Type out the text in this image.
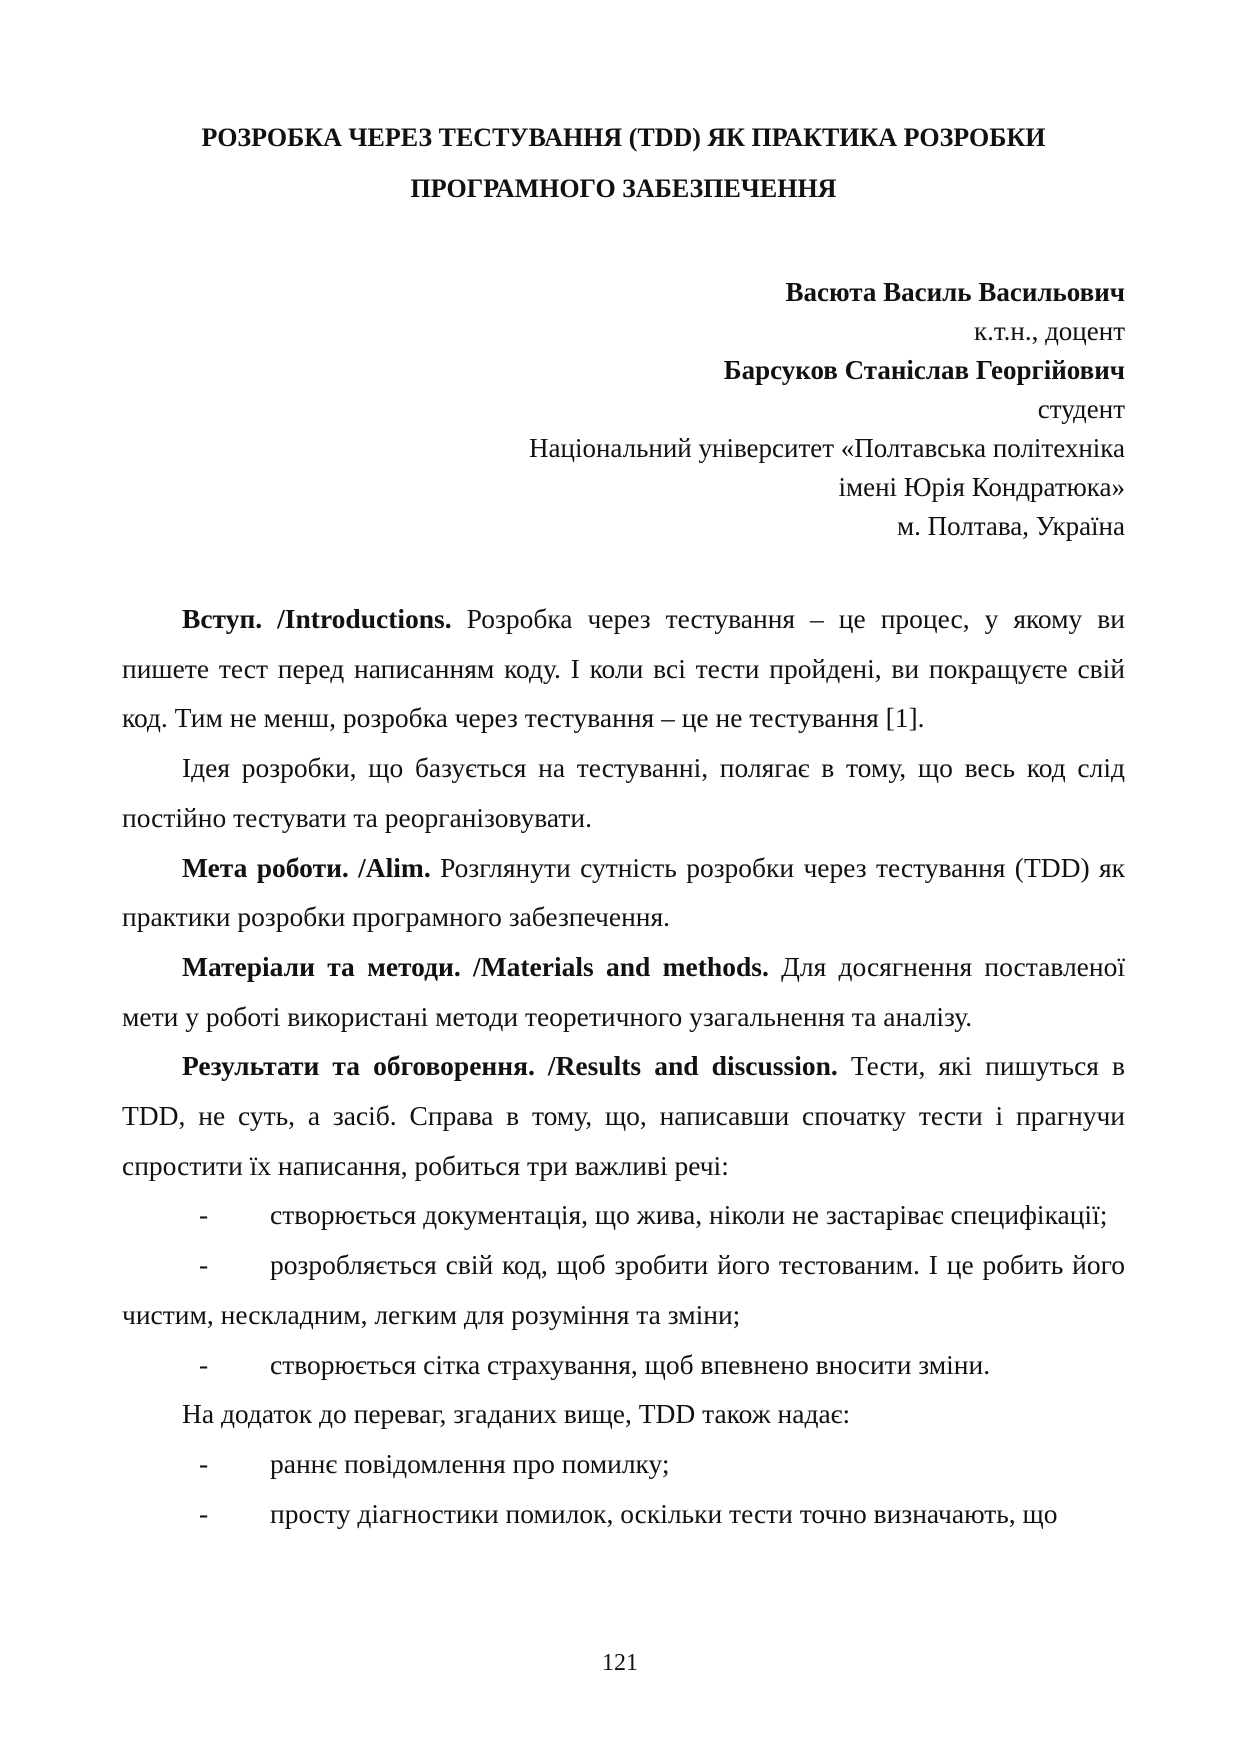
РОЗРОБКА ЧЕРЕЗ ТЕСТУВАННЯ (TDD) ЯК ПРАКТИКА РОЗРОБКИ
ПРОГРАМНОГО ЗАБЕЗПЕЧЕННЯ
Васюта Василь Васильович
к.т.н., доцент
Барсуков Станіслав Георгійович
студент
Національний університет «Полтавська політехніка
імені Юрія Кондратюка»
м. Полтава, Україна

Вступ. /Introductions. Розробка через тестування – це процес, у якому ви пишете тест перед написанням коду. І коли всі тести пройдені, ви покращуєте свій код. Тим не менш, розробка через тестування – це не тестування [1].

Ідея розробки, що базується на тестуванні, полягає в тому, що весь код слід постійно тестувати та реорганізовувати.

Мета роботи. /Alim. Розглянути сутність розробки через тестування (TDD) як практики розробки програмного забезпечення.

Матеріали та методи. /Materials and methods. Для досягнення поставленої мети у роботі використані методи теоретичного узагальнення та аналізу.

Результати та обговорення. /Results and discussion. Тести, які пишуться в TDD, не суть, а засіб. Справа в тому, що, написавши спочатку тести і прагнучи спростити їх написання, робиться три важливі речі:

- створюється документація, що жива, ніколи не застаріває специфікації;

- розробляється свій код, щоб зробити його тестованим. І це робить його чистим, нескладним, легким для розуміння та зміни;

- створюється сітка страхування, щоб впевнено вносити зміни.

На додаток до переваг, згаданих вище, TDD також надає:

- раннє повідомлення про помилку;

- просту діагностики помилок, оскільки тести точно визначають, що

121
